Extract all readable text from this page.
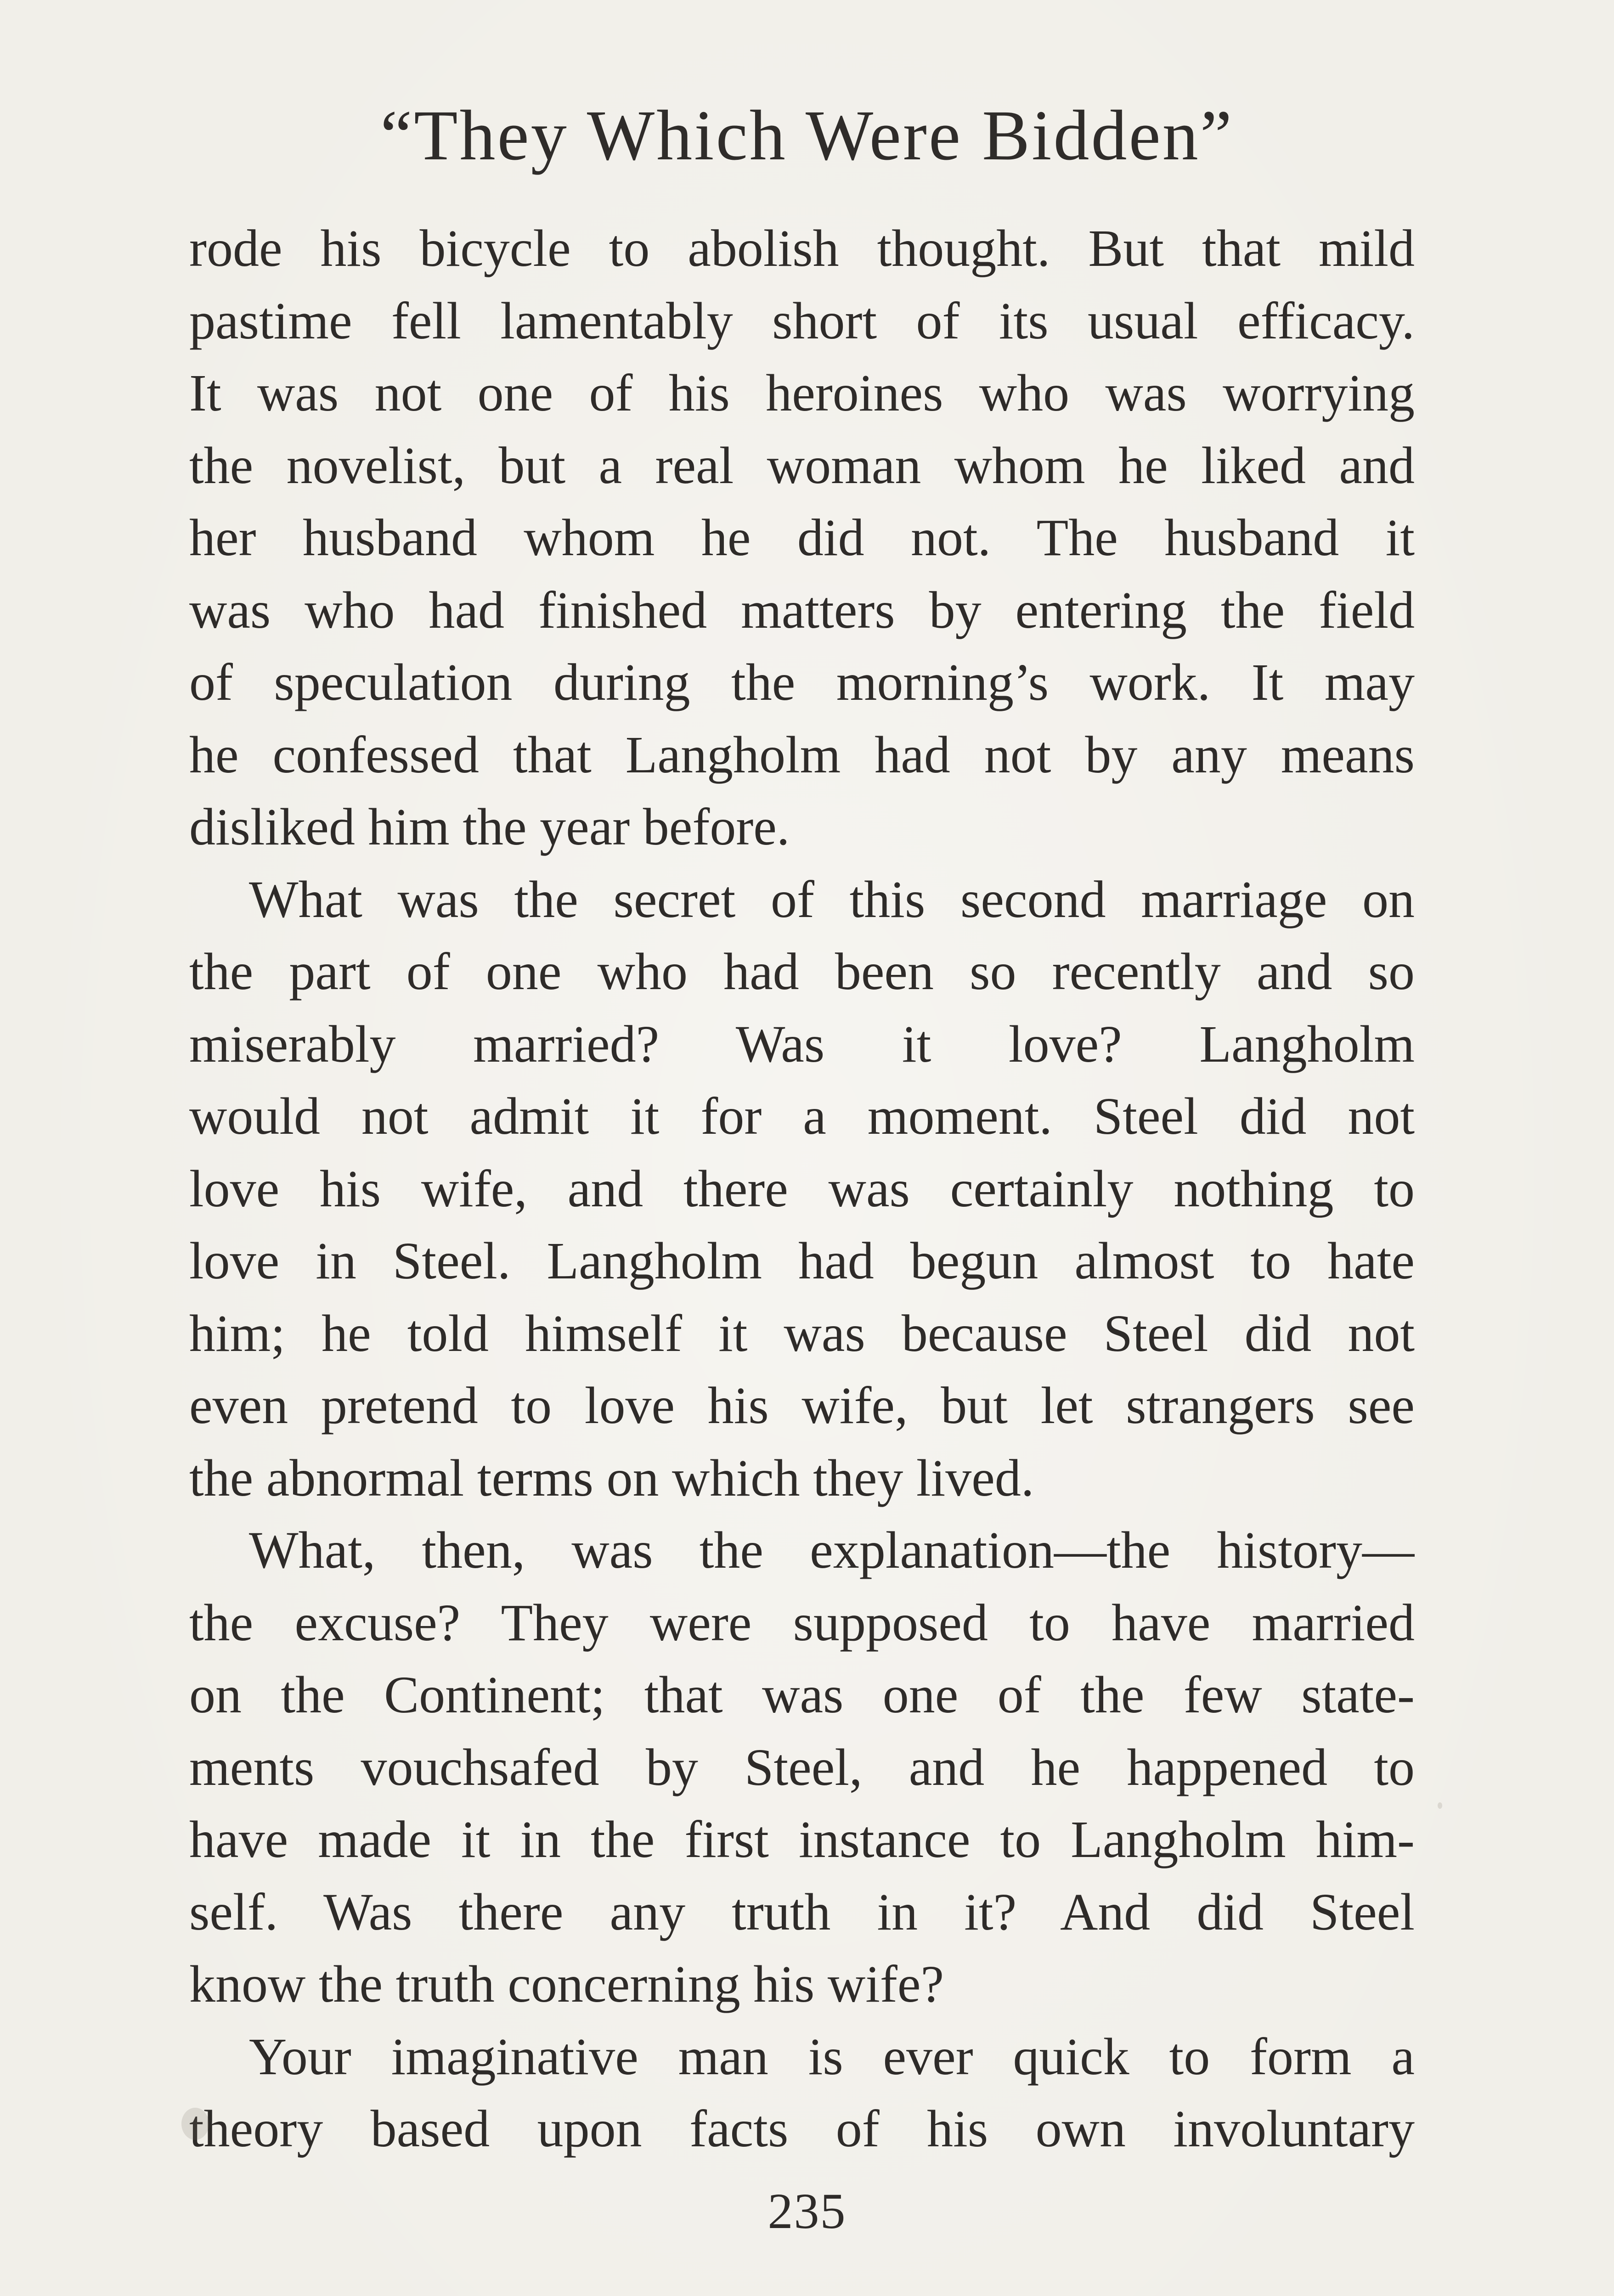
“They Which Were Bidden”
rode his bicycle to abolish thought. But that mild
pastime fell lamentably short of its usual efficacy.
It was not one of his heroines who was worrying
the novelist, but a real woman whom he liked and
her husband whom he did not. The husband it
was who had finished matters by entering the field
of speculation during the morning’s work. It may
he confessed that Langholm had not by any means
disliked him the year before.
What was the secret of this second marriage on
the part of one who had been so recently and so
miserably married? Was it love? Langholm
would not admit it for a moment. Steel did not
love his wife, and there was certainly nothing to
love in Steel. Langholm had begun almost to hate
him; he told himself it was because Steel did not
even pretend to love his wife, but let strangers see
the abnormal terms on which they lived.
What, then, was the explanation—the history—
the excuse? They were supposed to have married
on the Continent; that was one of the few state-
ments vouchsafed by Steel, and he happened to
have made it in the first instance to Langholm him-
self. Was there any truth in it? And did Steel
know the truth concerning his wife?
Your imaginative man is ever quick to form a
theory based upon facts of his own involuntary
235
